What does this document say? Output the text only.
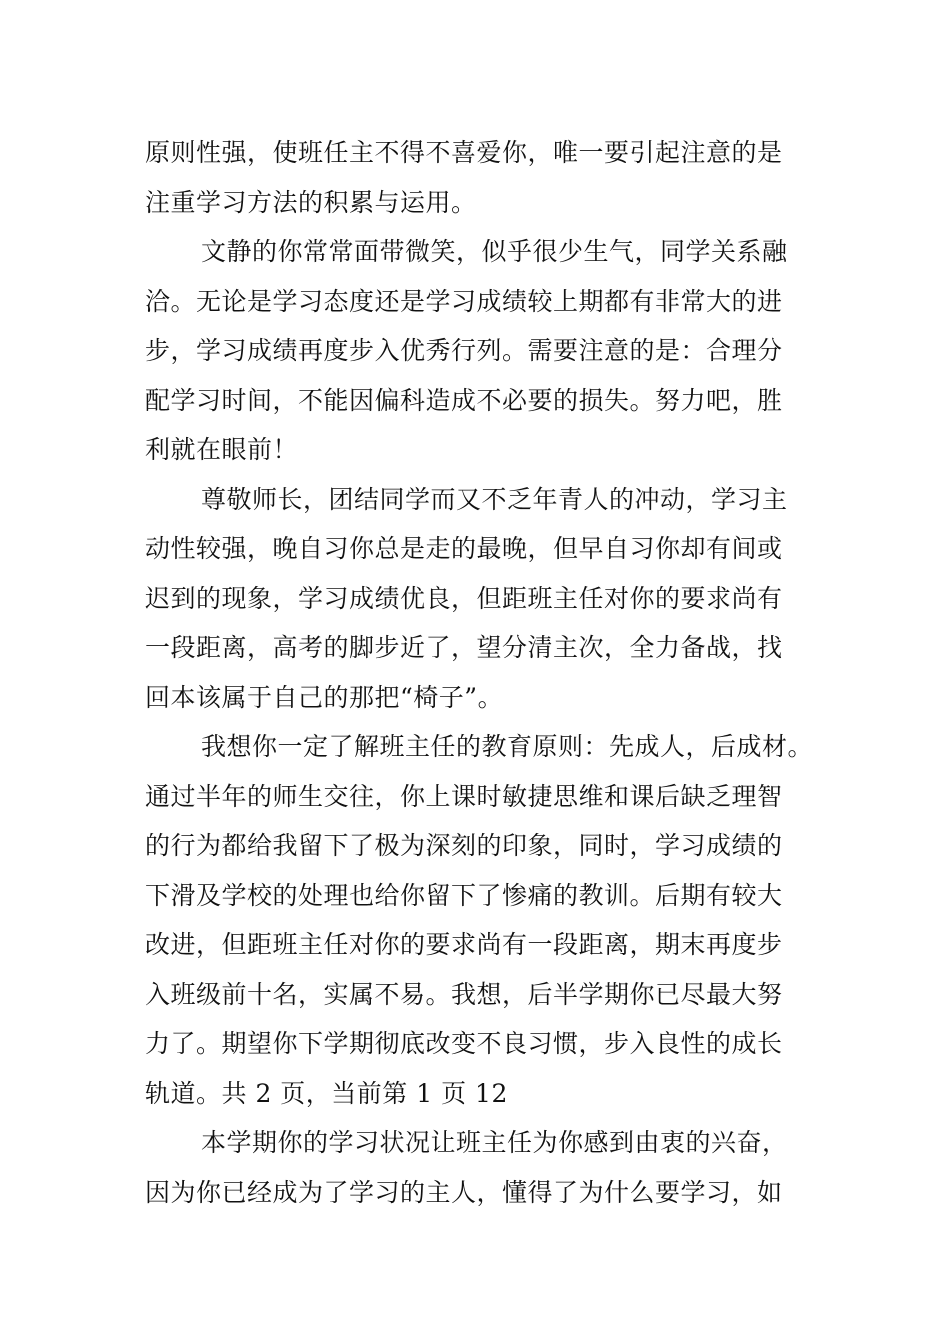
原则性强，使班任主不得不喜爱你，唯一要引起注意的是
注重学习方法的积累与运用。
文静的你常常面带微笑，似乎很少生气，同学关系融
洽。无论是学习态度还是学习成绩较上期都有非常大的进
步，学习成绩再度步入优秀行列。需要注意的是：合理分
配学习时间，不能因偏科造成不必要的损失。努力吧，胜
利就在眼前！
尊敬师长，团结同学而又不乏年青人的冲动，学习主
动性较强，晚自习你总是走的最晚，但早自习你却有间或
迟到的现象，学习成绩优良，但距班主任对你的要求尚有
一段距离，高考的脚步近了，望分清主次，全力备战，找
回本该属于自己的那把“椅子”。
我想你一定了解班主任的教育原则：先成人，后成材。
通过半年的师生交往，你上课时敏捷思维和课后缺乏理智
的行为都给我留下了极为深刻的印象，同时，学习成绩的
下滑及学校的处理也给你留下了惨痛的教训。后期有较大
改进，但距班主任对你的要求尚有一段距离，期末再度步
入班级前十名，实属不易。我想，后半学期你已尽最大努
力了。期望你下学期彻底改变不良习惯，步入良性的成长
轨道。共 2 页，当前第 1 页 12
本学期你的学习状况让班主任为你感到由衷的兴奋，
因为你已经成为了学习的主人，懂得了为什么要学习，如
